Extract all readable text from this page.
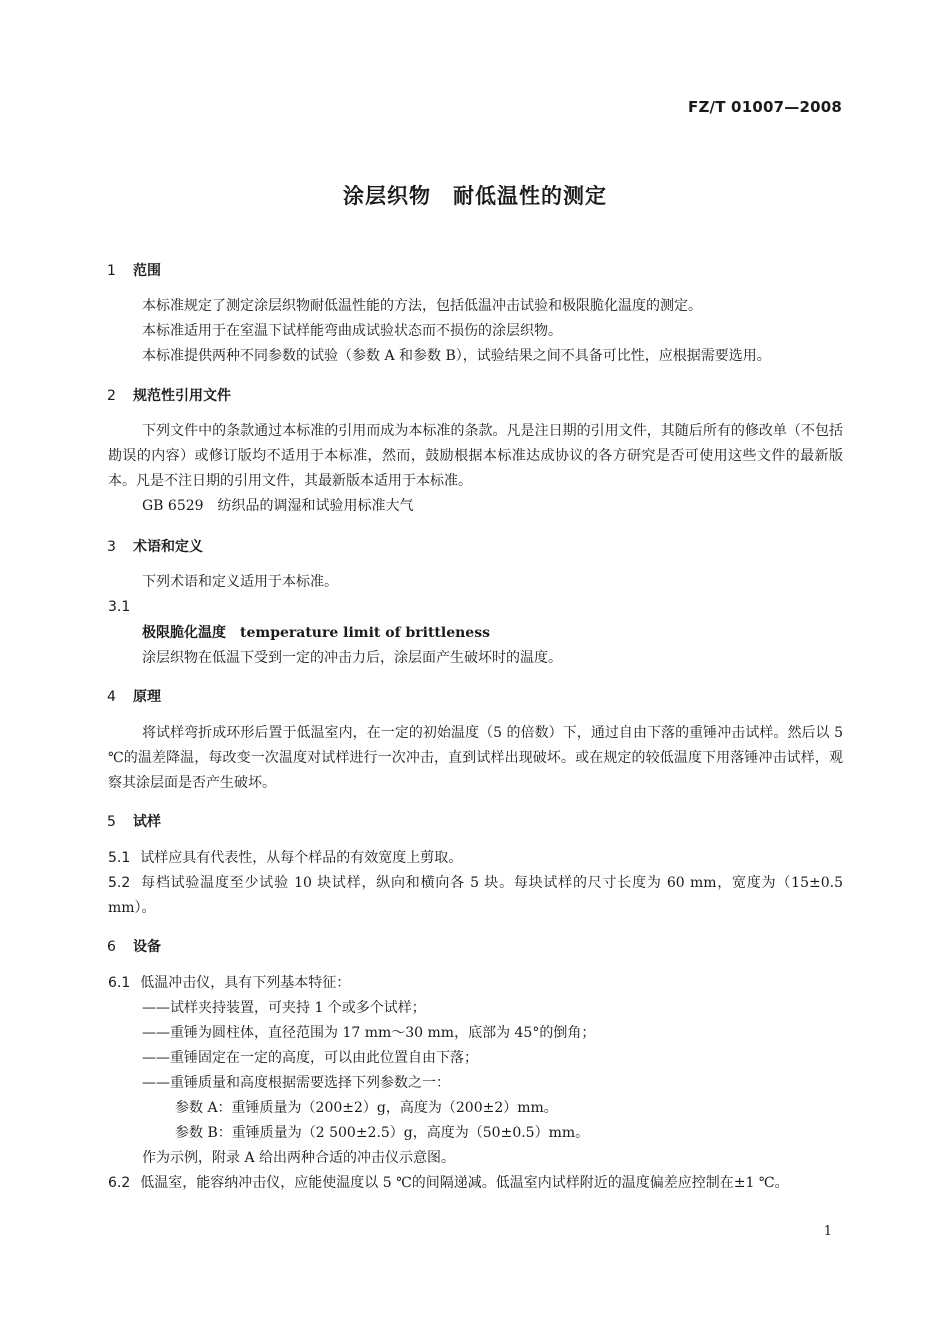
FZ/T 01007—2008
涂层织物　耐低温性的测定
1 范围
本标准规定了测定涂层织物耐低温性能的方法，包括低温冲击试验和极限脆化温度的测定。
本标准适用于在室温下试样能弯曲成试验状态而不损伤的涂层织物。
本标准提供两种不同参数的试验（参数 A 和参数 B），试验结果之间不具备可比性，应根据需要选用。
2 规范性引用文件
下列文件中的条款通过本标准的引用而成为本标准的条款。凡是注日期的引用文件，其随后所有的修改单（不包括勘误的内容）或修订版均不适用于本标准，然而，鼓励根据本标准达成协议的各方研究是否可使用这些文件的最新版本。凡是不注日期的引用文件，其最新版本适用于本标准。
GB 6529　纺织品的调湿和试验用标准大气
3 术语和定义
下列术语和定义适用于本标准。
3.1
极限脆化温度 temperature limit of brittleness
涂层织物在低温下受到一定的冲击力后，涂层面产生破坏时的温度。
4 原理
将试样弯折成环形后置于低温室内，在一定的初始温度（5 的倍数）下，通过自由下落的重锤冲击试样。然后以 5 ℃的温差降温，每改变一次温度对试样进行一次冲击，直到试样出现破坏。或在规定的较低温度下用落锤冲击试样，观察其涂层面是否产生破坏。
5 试样
5.1 试样应具有代表性，从每个样品的有效宽度上剪取。
5.2 每档试验温度至少试验 10 块试样，纵向和横向各 5 块。每块试样的尺寸长度为 60 mm，宽度为（15±0.5 mm）。
6 设备
6.1 低温冲击仪，具有下列基本特征：
——试样夹持装置，可夹持 1 个或多个试样；
——重锤为圆柱体，直径范围为 17 mm～30 mm，底部为 45°的倒角；
——重锤固定在一定的高度，可以由此位置自由下落；
——重锤质量和高度根据需要选择下列参数之一：
参数 A：重锤质量为（200±2）g，高度为（200±2）mm。
参数 B：重锤质量为（2 500±2.5）g，高度为（50±0.5）mm。
作为示例，附录 A 给出两种合适的冲击仪示意图。
6.2 低温室，能容纳冲击仪，应能使温度以 5 ℃的间隔递减。低温室内试样附近的温度偏差应控制在±1 ℃。
1
